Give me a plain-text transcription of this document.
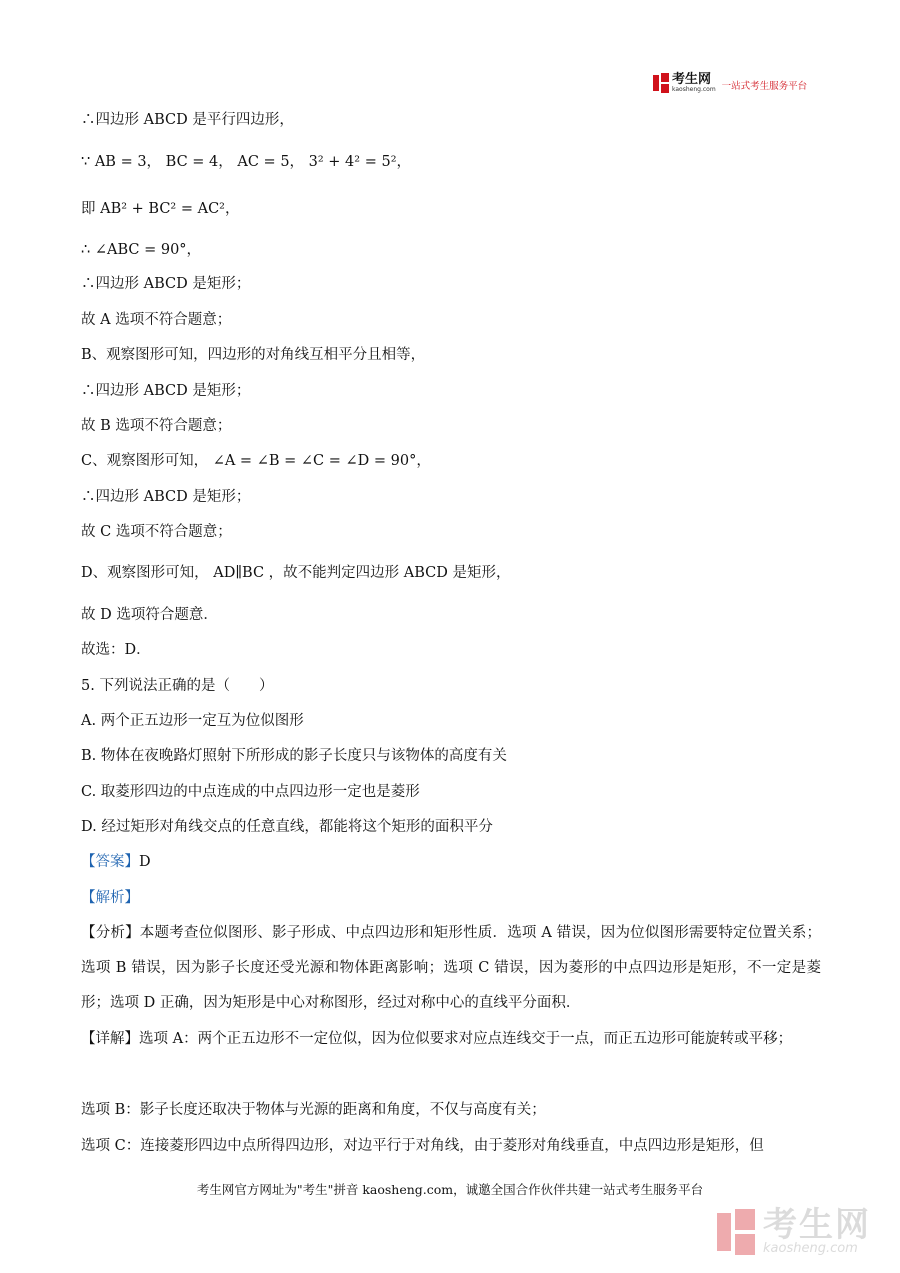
考生网
kaosheng.com 一站式考生服务平台
∴四边形 ABCD 是平行四边形，
∵ AB = 3， BC = 4， AC = 5， 3² + 4² = 5²，
即 AB² + BC² = AC²，
∴ ∠ABC = 90°，
∴四边形 ABCD 是矩形；
故 A 选项不符合题意；
B、观察图形可知，四边形的对角线互相平分且相等，
∴四边形 ABCD 是矩形；
故 B 选项不符合题意；
C、观察图形可知， ∠A = ∠B = ∠C = ∠D = 90°，
∴四边形 ABCD 是矩形；
故 C 选项不符合题意；
D、观察图形可知， AD∥BC ，故不能判定四边形 ABCD 是矩形，
故 D 选项符合题意．
故选：D．
5. 下列说法正确的是（　　）
A. 两个正五边形一定互为位似图形
B. 物体在夜晚路灯照射下所形成的影子长度只与该物体的高度有关
C. 取菱形四边的中点连成的中点四边形一定也是菱形
D. 经过矩形对角线交点的任意直线，都能将这个矩形的面积平分
【答案】D
【解析】
【分析】本题考查位似图形、影子形成、中点四边形和矩形性质．选项 A 错误，因为位似图形需要特定位置关系；选项 B 错误，因为影子长度还受光源和物体距离影响；选项 C 错误，因为菱形的中点四边形是矩形，不一定是菱形；选项 D 正确，因为矩形是中心对称图形，经过对称中心的直线平分面积．
【详解】选项 A：两个正五边形不一定位似，因为位似要求对应点连线交于一点，而正五边形可能旋转或平移；
选项 B：影子长度还取决于物体与光源的距离和角度，不仅与高度有关；
选项 C：连接菱形四边中点所得四边形，对边平行于对角线，由于菱形对角线垂直，中点四边形是矩形，但
考生网官方网址为"考生"拼音 kaosheng.com，诚邀全国合作伙伴共建一站式考生服务平台
考生网
kaosheng.com
